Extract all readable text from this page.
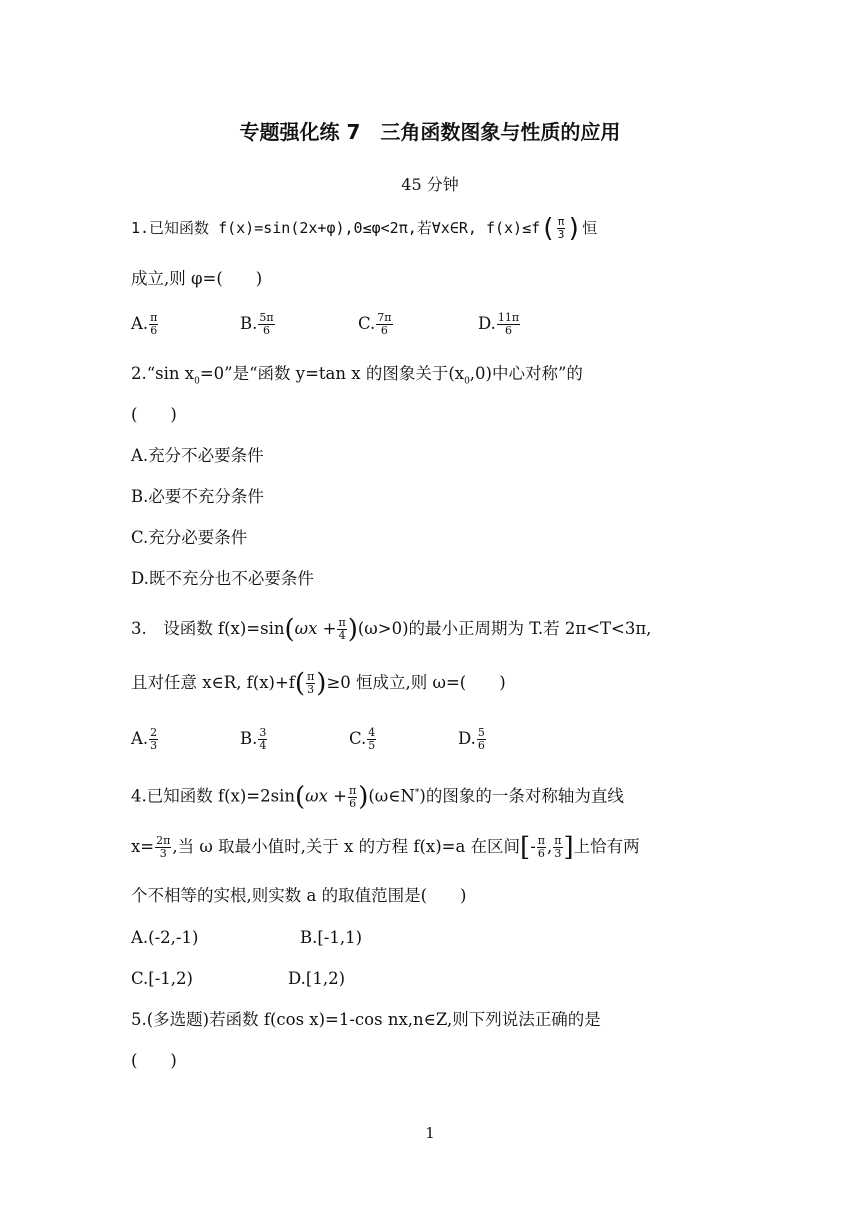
专题强化练 7　三角函数图象与性质的应用
45 分钟
1.已知函数 f(x)=sin(2x+φ),0≤φ<2π,若∀x∈R, $f(x)\le f( \frac{\pi}{3}$ )恒
成立,则 φ=(　　)
A. $\frac{\pi}{6}$	B. $\frac{5\pi}{6}$	C. $\frac{7\pi}{6}$	D. $\frac{11\pi}{6}$
2.“sin $x_0=0$”是“函数 y=tan x 的图象关于$(x_0,0)$中心对称”的
(　　)
A.充分不必要条件
B.必要不充分条件
C.充分必要条件
D.既不充分也不必要条件
3.　设函数 $f(x)=\sin(\omega x + \frac{\pi}{4} )(\omega>0)$的最小正周期为 T.若 2π<T<3π,
且对任意 x∈R, $f(x)+f( \frac{\pi}{3} )\ge 0$ 恒成立,则 ω=(　　)
A. $\frac{2}{3}$	B. $\frac{3}{4}$	C. $\frac{4}{5}$	D. $\frac{5}{6}$
4.已知函数 $f(x)=2\sin(\omega x + \frac{\pi}{6}$ )(ω∈N*)的图象的一条对称轴为直线
$x= \frac{2\pi}{3}$ ,当 ω 取最小值时,关于 x 的方程 f(x)=a 在区间[- $\frac{\pi}{6}$ , $\frac{\pi}{3}$ ]上恰有两
个不相等的实根,则实数 a 的取值范围是(　　)
A.(-2,-1)	B.[-1,1)
C.[-1,2)	D.[1,2)
5.(多选题)若函数 f(cos x)=1-cos nx,n∈Z,则下列说法正确的是
(　　)
1
